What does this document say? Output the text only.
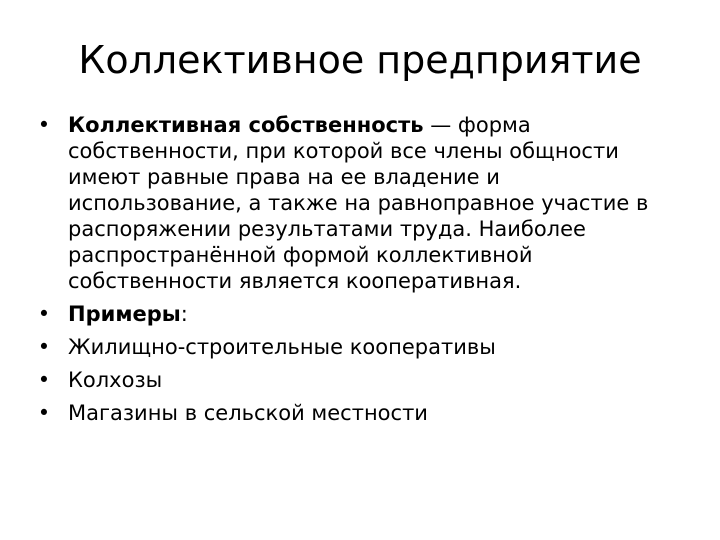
Коллективное предприятие
• Коллективная собственность — форма собственности, при которой все члены общности имеют равные права на ее владение и использование, а также на равноправное участие в распоряжении результатами труда. Наиболее распространённой формой коллективной собственности является кооперативная.
• Примеры:
• Жилищно-строительные кооперативы
• Колхозы
• Магазины в сельской местности
